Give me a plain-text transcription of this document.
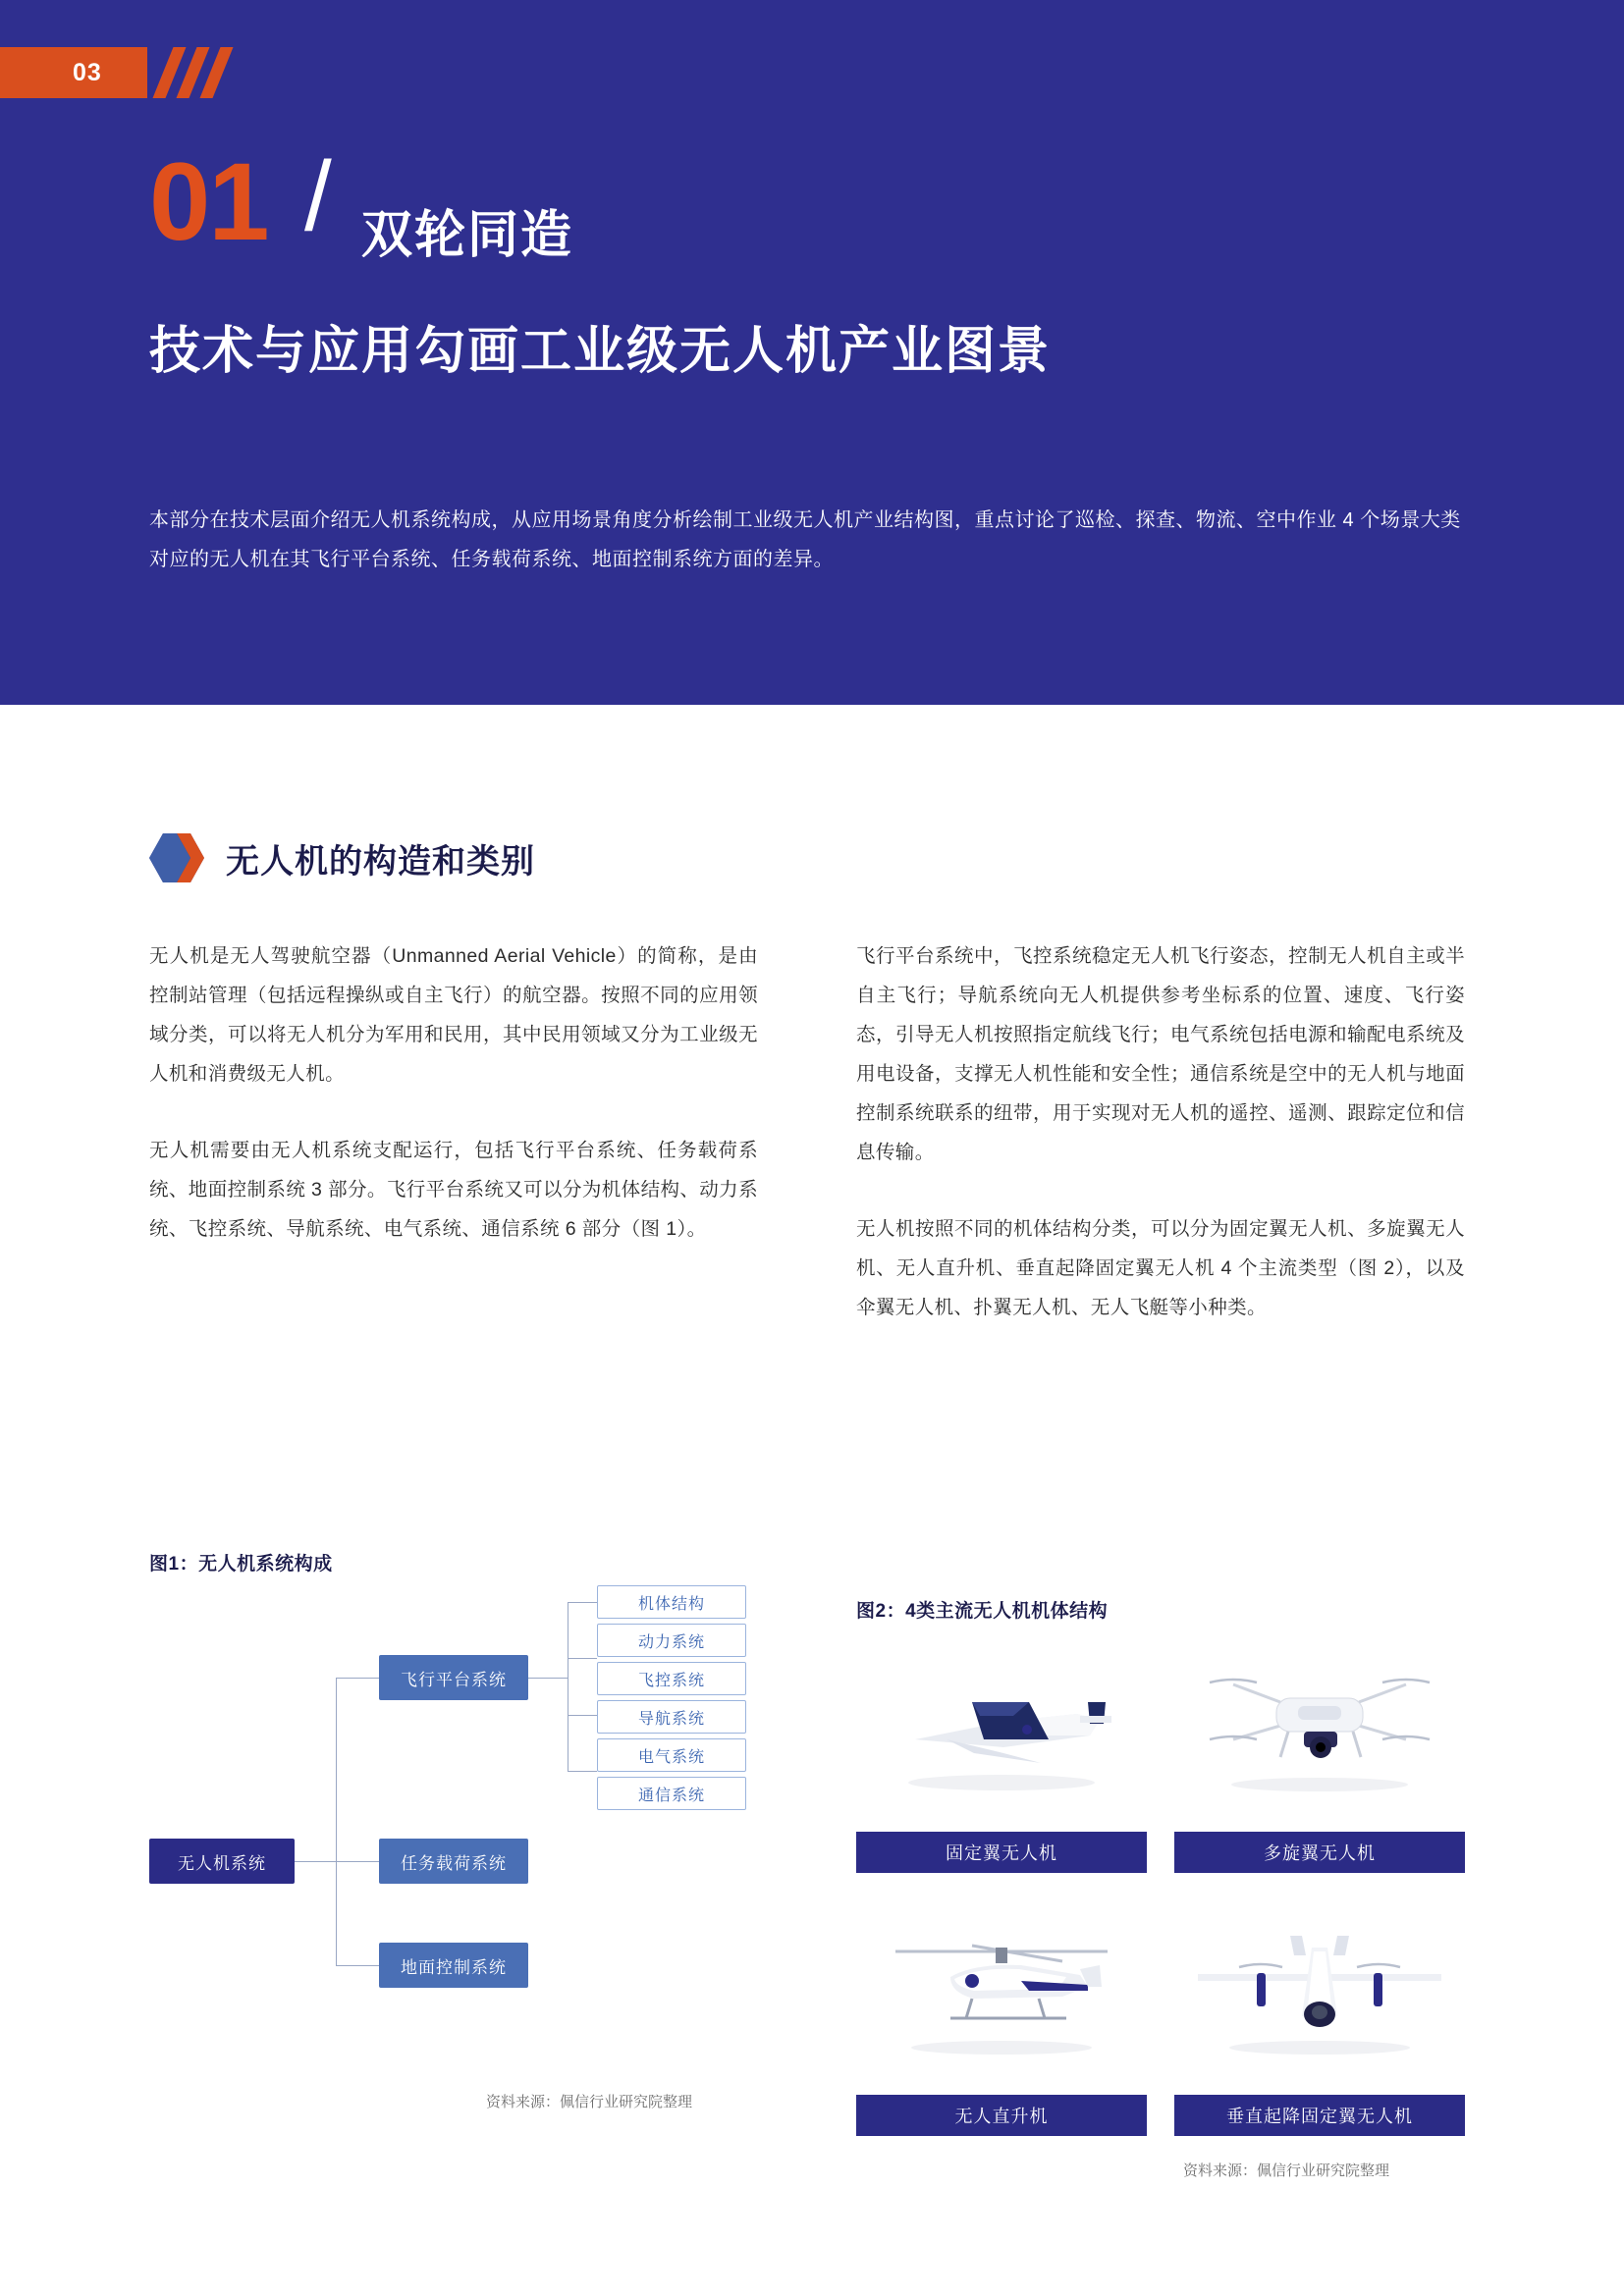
03
01 / 双轮同造
技术与应用勾画工业级无人机产业图景
本部分在技术层面介绍无人机系统构成，从应用场景角度分析绘制工业级无人机产业结构图，重点讨论了巡检、探查、物流、空中作业 4 个场景大类对应的无人机在其飞行平台系统、任务载荷系统、地面控制系统方面的差异。
无人机的构造和类别

无人机是无人驾驶航空器（Unmanned Aerial Vehicle）的简称，是由控制站管理（包括远程操纵或自主飞行）的航空器。按照不同的应用领域分类，可以将无人机分为军用和民用，其中民用领域又分为工业级无人机和消费级无人机。

无人机需要由无人机系统支配运行，包括飞行平台系统、任务载荷系统、地面控制系统 3 部分。飞行平台系统又可以分为机体结构、动力系统、飞控系统、导航系统、电气系统、通信系统 6 部分（图 1）。

飞行平台系统中，飞控系统稳定无人机飞行姿态，控制无人机自主或半自主飞行；导航系统向无人机提供参考坐标系的位置、速度、飞行姿态，引导无人机按照指定航线飞行；电气系统包括电源和输配电系统及用电设备，支撑无人机性能和安全性；通信系统是空中的无人机与地面控制系统联系的纽带，用于实现对无人机的遥控、遥测、跟踪定位和信息传输。

无人机按照不同的机体结构分类，可以分为固定翼无人机、多旋翼无人机、无人直升机、垂直起降固定翼无人机 4 个主流类型（图 2），以及伞翼无人机、扑翼无人机、无人飞艇等小种类。

图1：无人机系统构成
无人机系统
飞行平台系统
任务载荷系统
地面控制系统
机体结构
动力系统
飞控系统
导航系统
电气系统
通信系统
资料来源：佩信行业研究院整理
图2：4类主流无人机机体结构
固定翼无人机	多旋翼无人机
无人直升机	垂直起降固定翼无人机
资料来源：佩信行业研究院整理
